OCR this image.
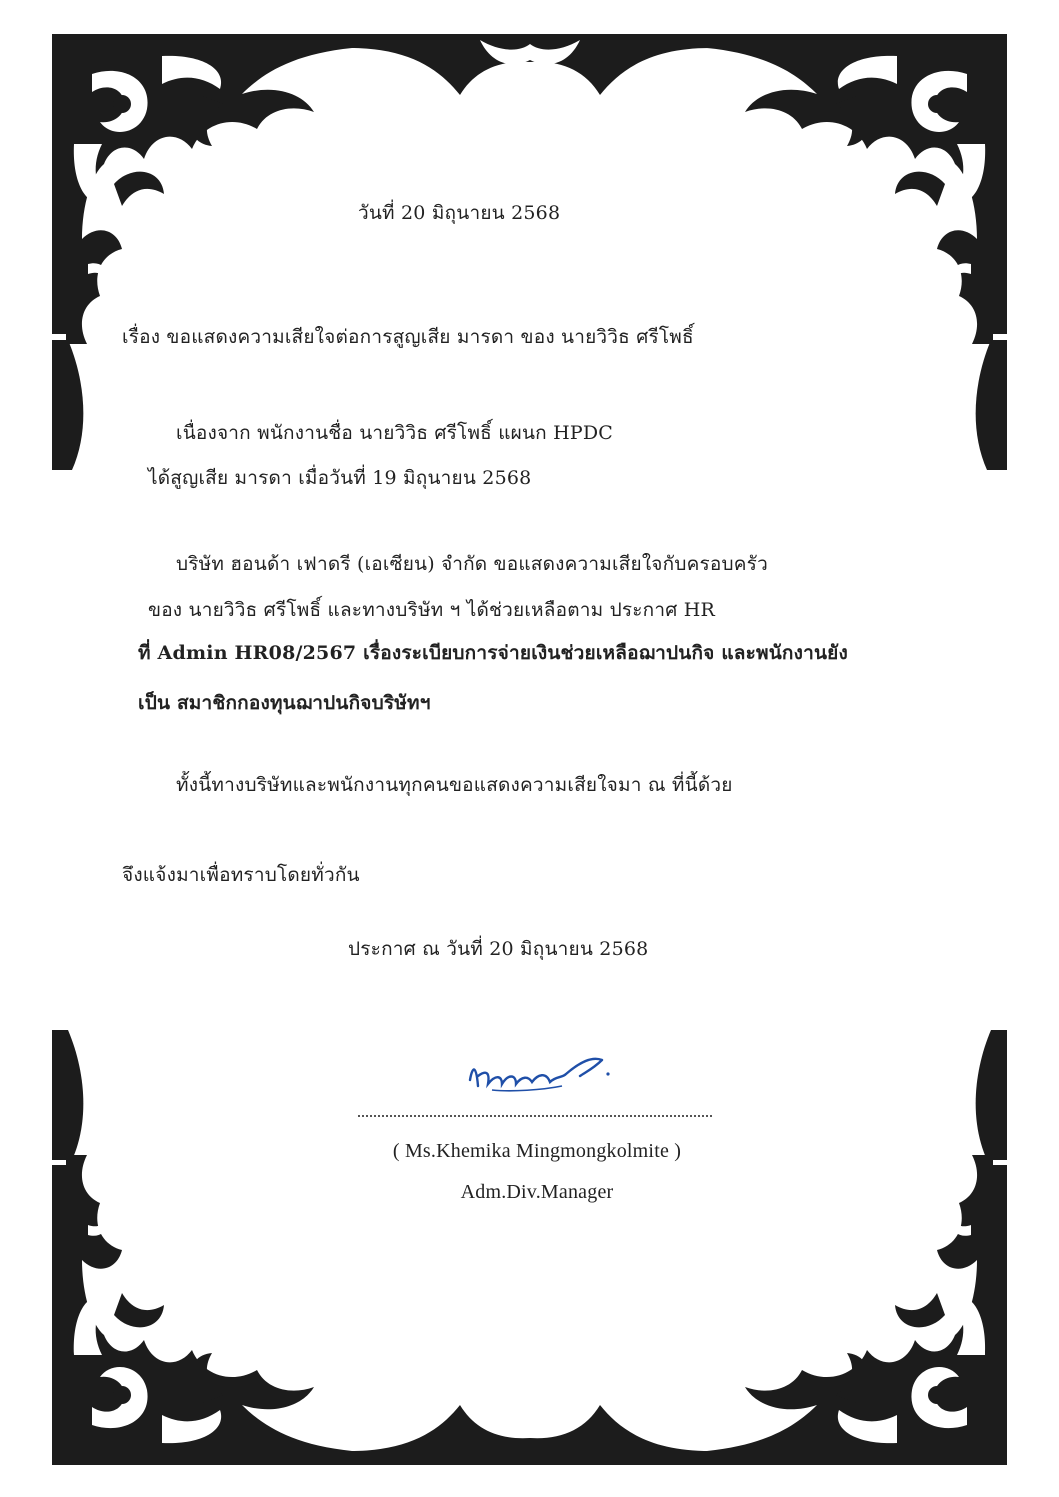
วันที่ 20 มิถุนายน 2568
เรื่อง ขอแสดงความเสียใจต่อการสูญเสีย มารดา ของ นายวิวิธ ศรีโพธิ์
เนื่องจาก พนักงานชื่อ นายวิวิธ ศรีโพธิ์ แผนก HPDC
ได้สูญเสีย มารดา เมื่อวันที่ 19 มิถุนายน 2568
บริษัท ฮอนด้า เฟาดรี (เอเซียน) จำกัด ขอแสดงความเสียใจกับครอบครัว
ของ นายวิวิธ ศรีโพธิ์ และทางบริษัท ฯ ได้ช่วยเหลือตาม ประกาศ HR
ที่ Admin HR08/2567 เรื่องระเบียบการจ่ายเงินช่วยเหลือฌาปนกิจ และพนักงานยัง
เป็น สมาชิกกองทุนฌาปนกิจบริษัทฯ
ทั้งนี้ทางบริษัทและพนักงานทุกคนขอแสดงความเสียใจมา ณ ที่นี้ด้วย
จึงแจ้งมาเพื่อทราบโดยทั่วกัน
ประกาศ ณ วันที่ 20 มิถุนายน 2568
( Ms.Khemika Mingmongkolmite )
Adm.Div.Manager
